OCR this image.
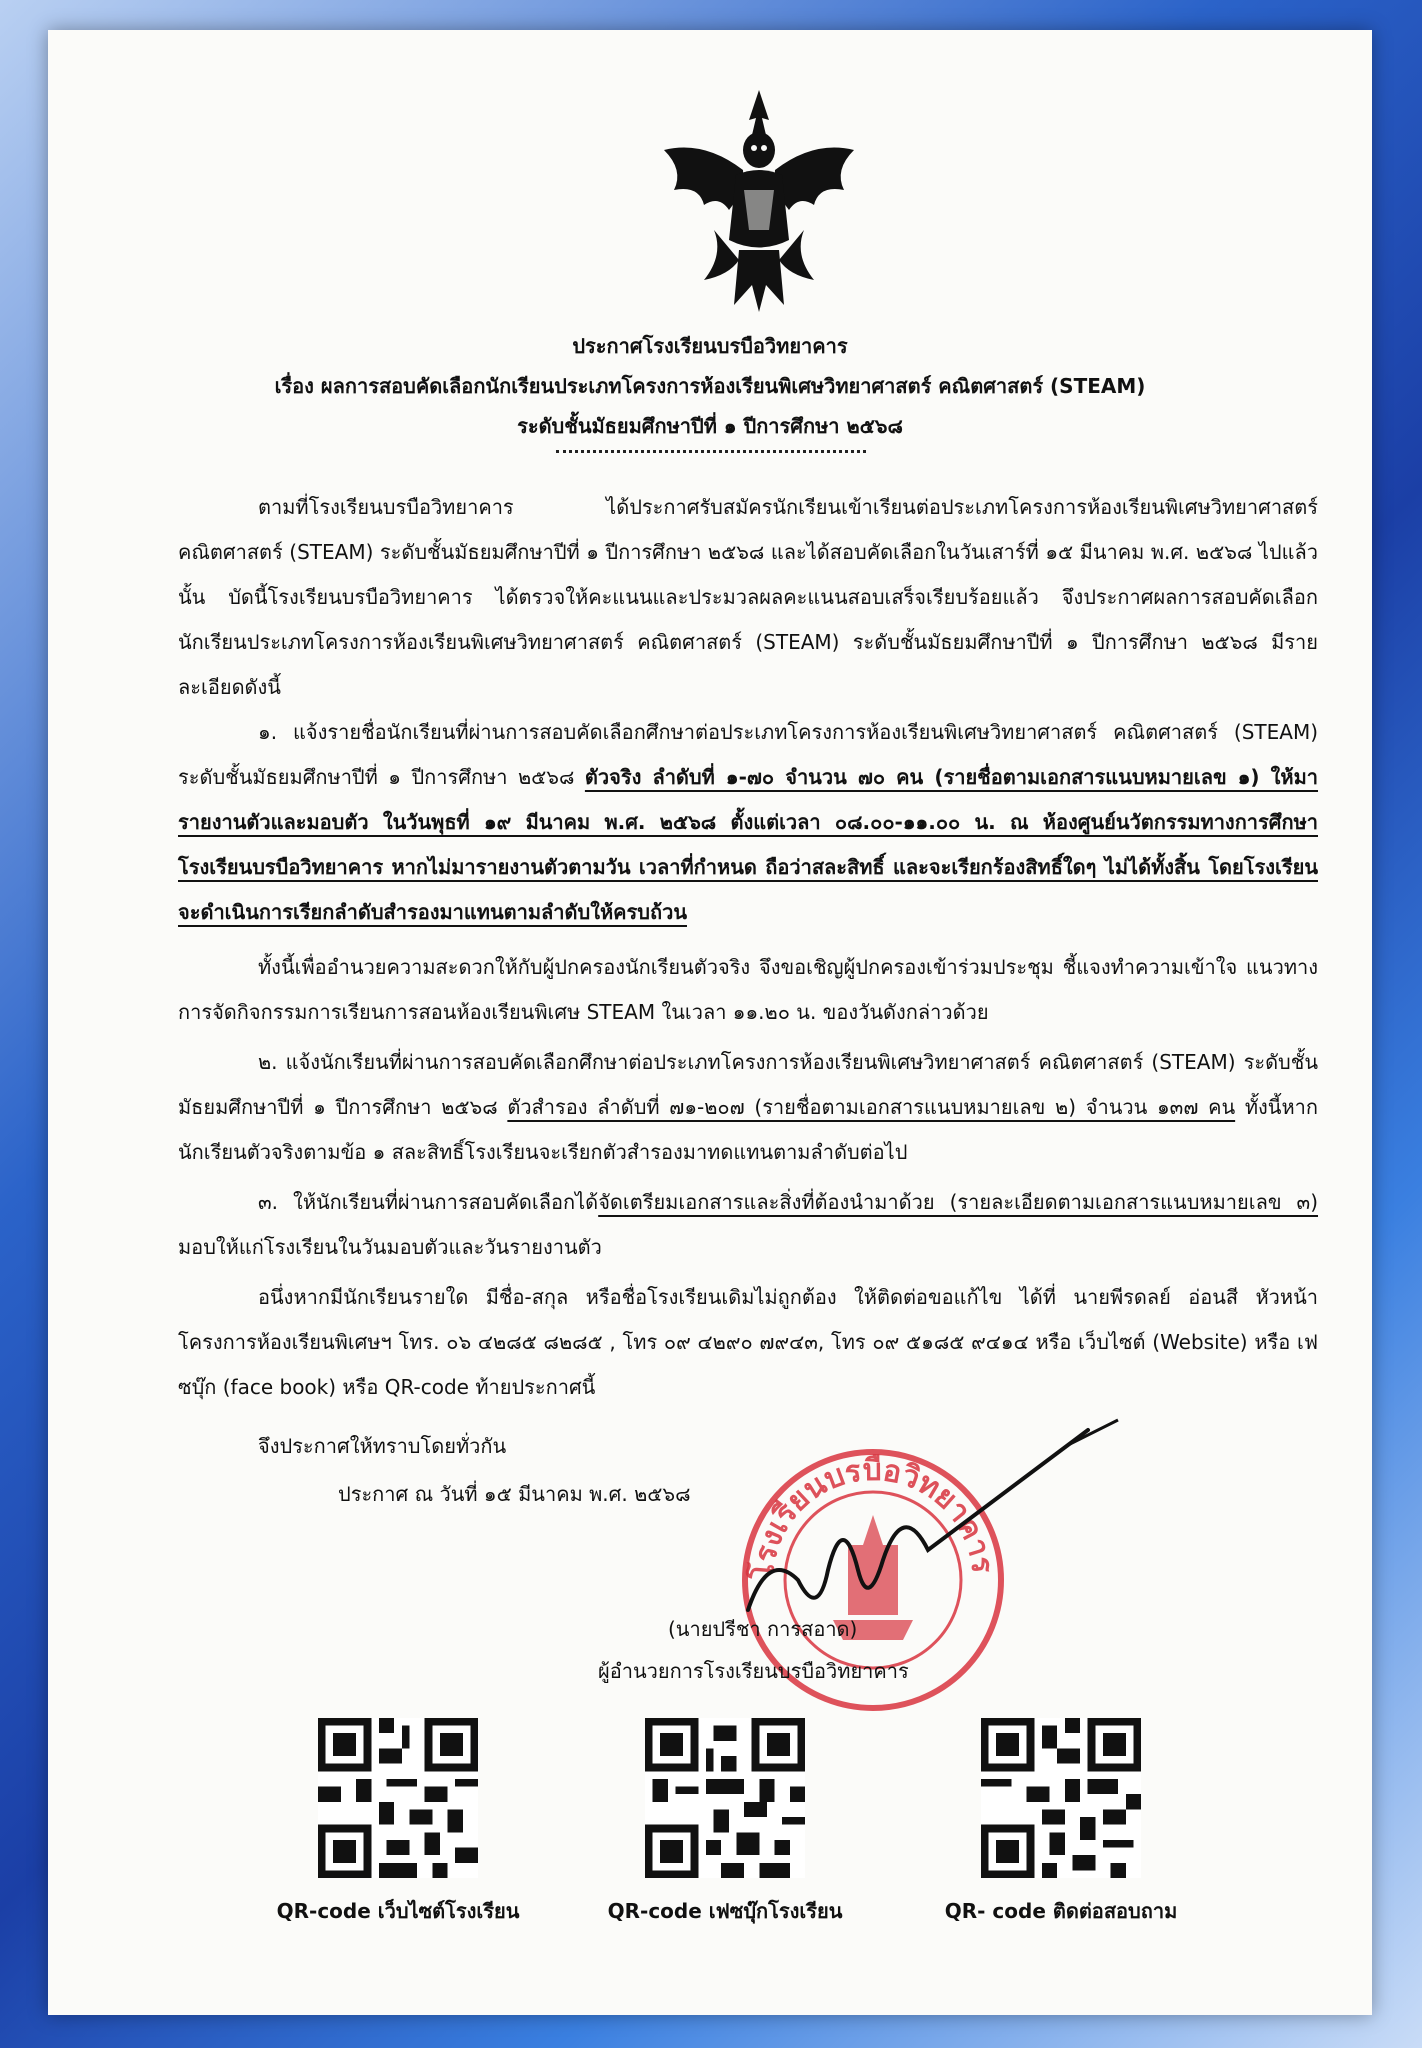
ประกาศโรงเรียนบรบือวิทยาคาร
เรื่อง ผลการสอบคัดเลือกนักเรียนประเภทโครงการห้องเรียนพิเศษวิทยาศาสตร์ คณิตศาสตร์ (STEAM)
ระดับชั้นมัธยมศึกษาปีที่ ๑ ปีการศึกษา ๒๕๖๘

ตามที่โรงเรียนบรบือวิทยาคาร ได้ประกาศรับสมัครนักเรียนเข้าเรียนต่อประเภทโครงการห้องเรียนพิเศษวิทยาศาสตร์ คณิตศาสตร์ (STEAM) ระดับชั้นมัธยมศึกษาปีที่ ๑ ปีการศึกษา ๒๕๖๘ และได้สอบคัดเลือกในวันเสาร์ที่ ๑๕ มีนาคม พ.ศ. ๒๕๖๘ ไปแล้วนั้น บัดนี้โรงเรียนบรบือวิทยาคาร ได้ตรวจให้คะแนนและประมวลผลคะแนนสอบเสร็จเรียบร้อยแล้ว จึงประกาศผลการสอบคัดเลือกนักเรียนประเภทโครงการห้องเรียนพิเศษวิทยาศาสตร์ คณิตศาสตร์ (STEAM) ระดับชั้นมัธยมศึกษาปีที่ ๑ ปีการศึกษา ๒๕๖๘ มีรายละเอียดดังนี้

๑. แจ้งรายชื่อนักเรียนที่ผ่านการสอบคัดเลือกศึกษาต่อประเภทโครงการห้องเรียนพิเศษวิทยาศาสตร์ คณิตศาสตร์ (STEAM) ระดับชั้นมัธยมศึกษาปีที่ ๑ ปีการศึกษา ๒๕๖๘ ตัวจริง ลำดับที่ ๑-๗๐ จำนวน ๗๐ คน (รายชื่อตามเอกสารแนบหมายเลข ๑) ให้มารายงานตัวและมอบตัว ในวันพุธที่ ๑๙ มีนาคม พ.ศ. ๒๕๖๘ ตั้งแต่เวลา ๐๘.๐๐-๑๑.๐๐ น. ณ ห้องศูนย์นวัตกรรมทางการศึกษา โรงเรียนบรบือวิทยาคาร หากไม่มารายงานตัวตามวัน เวลาที่กำหนด ถือว่าสละสิทธิ์ และจะเรียกร้องสิทธิ์ใดๆ ไม่ได้ทั้งสิ้น โดยโรงเรียนจะดำเนินการเรียกลำดับสำรองมาแทนตามลำดับให้ครบถ้วน

ทั้งนี้เพื่ออำนวยความสะดวกให้กับผู้ปกครองนักเรียนตัวจริง จึงขอเชิญผู้ปกครองเข้าร่วมประชุม ชี้แจงทำความเข้าใจ แนวทางการจัดกิจกรรมการเรียนการสอนห้องเรียนพิเศษ STEAM ในเวลา ๑๑.๒๐ น. ของวันดังกล่าวด้วย

๒. แจ้งนักเรียนที่ผ่านการสอบคัดเลือกศึกษาต่อประเภทโครงการห้องเรียนพิเศษวิทยาศาสตร์ คณิตศาสตร์ (STEAM) ระดับชั้นมัธยมศึกษาปีที่ ๑ ปีการศึกษา ๒๕๖๘ ตัวสำรอง ลำดับที่ ๗๑-๒๐๗ (รายชื่อตามเอกสารแนบหมายเลข ๒) จำนวน ๑๓๗ คน ทั้งนี้หากนักเรียนตัวจริงตามข้อ ๑ สละสิทธิ์โรงเรียนจะเรียกตัวสำรองมาทดแทนตามลำดับต่อไป

๓. ให้นักเรียนที่ผ่านการสอบคัดเลือกได้จัดเตรียมเอกสารและสิ่งที่ต้องนำมาด้วย (รายละเอียดตามเอกสารแนบหมายเลข ๓) มอบให้แก่โรงเรียนในวันมอบตัวและวันรายงานตัว

อนึ่งหากมีนักเรียนรายใด มีชื่อ-สกุล หรือชื่อโรงเรียนเดิมไม่ถูกต้อง ให้ติดต่อขอแก้ไข ได้ที่ นายพีรดลย์ อ่อนสี หัวหน้าโครงการห้องเรียนพิเศษฯ โทร. ๐๖ ๔๒๘๕ ๘๒๘๕ , โทร ๐๙ ๔๒๙๐ ๗๙๔๓, โทร ๐๙ ๕๑๘๕ ๙๔๑๔ หรือ เว็บไซต์ (Website) หรือ เฟซบุ๊ก (face book) หรือ QR-code ท้ายประกาศนี้

จึงประกาศให้ทราบโดยทั่วกัน
ประกาศ ณ วันที่ ๑๕ มีนาคม พ.ศ. ๒๕๖๘
โรงเรียนบรบือวิทยาคาร
(นายปรีชา การสอาด)
ผู้อำนวยการโรงเรียนบรบือวิทยาคาร
QR-code เว็บไซต์โรงเรียน	QR-code เฟซบุ๊กโรงเรียน	QR- code ติดต่อสอบถาม
